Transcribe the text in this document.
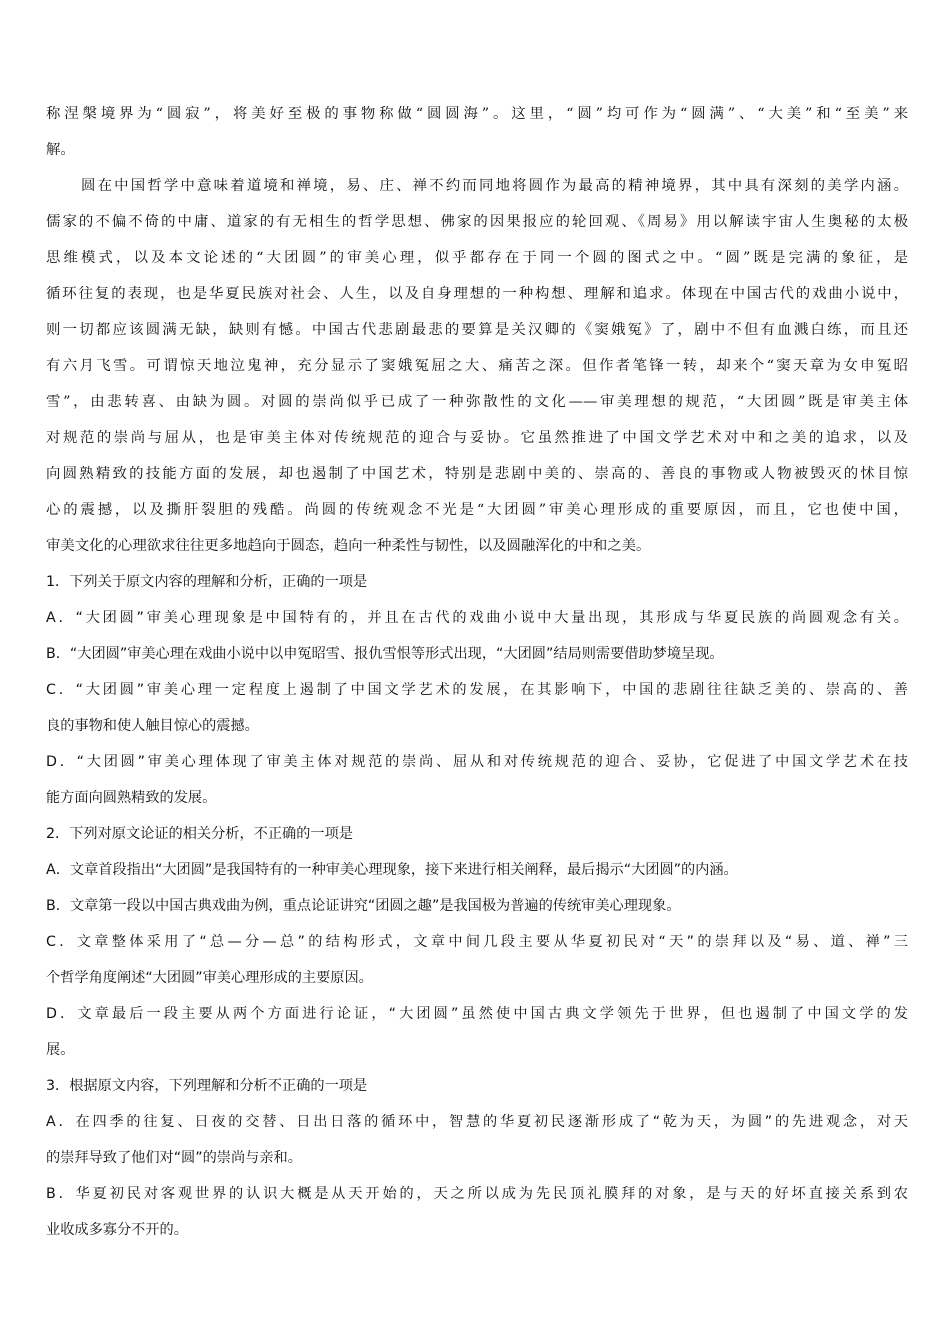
称涅槃境界为“圆寂”，将美好至极的事物称做“圆圆海”。这里，“圆”均可作为“圆满”、“大美”和“至美”来
解。
圆在中国哲学中意味着道境和禅境，易、庄、禅不约而同地将圆作为最高的精神境界，其中具有深刻的美学内涵。
儒家的不偏不倚的中庸、道家的有无相生的哲学思想、佛家的因果报应的轮回观、《周易》用以解读宇宙人生奥秘的太极
思维模式，以及本文论述的“大团圆”的审美心理，似乎都存在于同一个圆的图式之中。“圆”既是完满的象征，是
循环往复的表现，也是华夏民族对社会、人生，以及自身理想的一种构想、理解和追求。体现在中国古代的戏曲小说中，
则一切都应该圆满无缺，缺则有憾。中国古代悲剧最悲的要算是关汉卿的《窦娥冤》了，剧中不但有血溅白练，而且还
有六月飞雪。可谓惊天地泣鬼神，充分显示了窦娥冤屈之大、痛苦之深。但作者笔锋一转，却来个“窦天章为女申冤昭
雪”，由悲转喜、由缺为圆。对圆的崇尚似乎已成了一种弥散性的文化——审美理想的规范，“大团圆”既是审美主体
对规范的崇尚与屈从，也是审美主体对传统规范的迎合与妥协。它虽然推进了中国文学艺术对中和之美的追求，以及
向圆熟精致的技能方面的发展，却也遏制了中国艺术，特别是悲剧中美的、崇高的、善良的事物或人物被毁灭的怵目惊
心的震撼，以及撕肝裂胆的残酷。尚圆的传统观念不光是“大团圆”审美心理形成的重要原因，而且，它也使中国，
审美文化的心理欲求往往更多地趋向于圆态，趋向一种柔性与韧性，以及圆融浑化的中和之美。
1．下列关于原文内容的理解和分析，正确的一项是
A．“大团圆”审美心理现象是中国特有的，并且在古代的戏曲小说中大量出现，其形成与华夏民族的尚圆观念有关。
B．“大团圆”审美心理在戏曲小说中以申冤昭雪、报仇雪恨等形式出现，“大团圆”结局则需要借助梦境呈现。
C．“大团圆”审美心理一定程度上遏制了中国文学艺术的发展，在其影响下，中国的悲剧往往缺乏美的、崇高的、善
良的事物和使人触目惊心的震撼。
D．“大团圆”审美心理体现了审美主体对规范的崇尚、屈从和对传统规范的迎合、妥协，它促进了中国文学艺术在技
能方面向圆熟精致的发展。
2．下列对原文论证的相关分析，不正确的一项是
A．文章首段指出“大团圆”是我国特有的一种审美心理现象，接下来进行相关阐释，最后揭示“大团圆”的内涵。
B．文章第一段以中国古典戏曲为例，重点论证讲究“团圆之趣”是我国极为普遍的传统审美心理现象。
C．文章整体采用了“总—分—总”的结构形式，文章中间几段主要从华夏初民对“天”的崇拜以及“易、道、禅”三
个哲学角度阐述“大团圆”审美心理形成的主要原因。
D．文章最后一段主要从两个方面进行论证，“大团圆”虽然使中国古典文学领先于世界，但也遏制了中国文学的发
展。
3．根据原文内容，下列理解和分析不正确的一项是
A．在四季的往复、日夜的交替、日出日落的循环中，智慧的华夏初民逐渐形成了“乾为天，为圆”的先进观念，对天
的崇拜导致了他们对“圆”的崇尚与亲和。
B．华夏初民对客观世界的认识大概是从天开始的，天之所以成为先民顶礼膜拜的对象，是与天的好坏直接关系到农
业收成多寡分不开的。
